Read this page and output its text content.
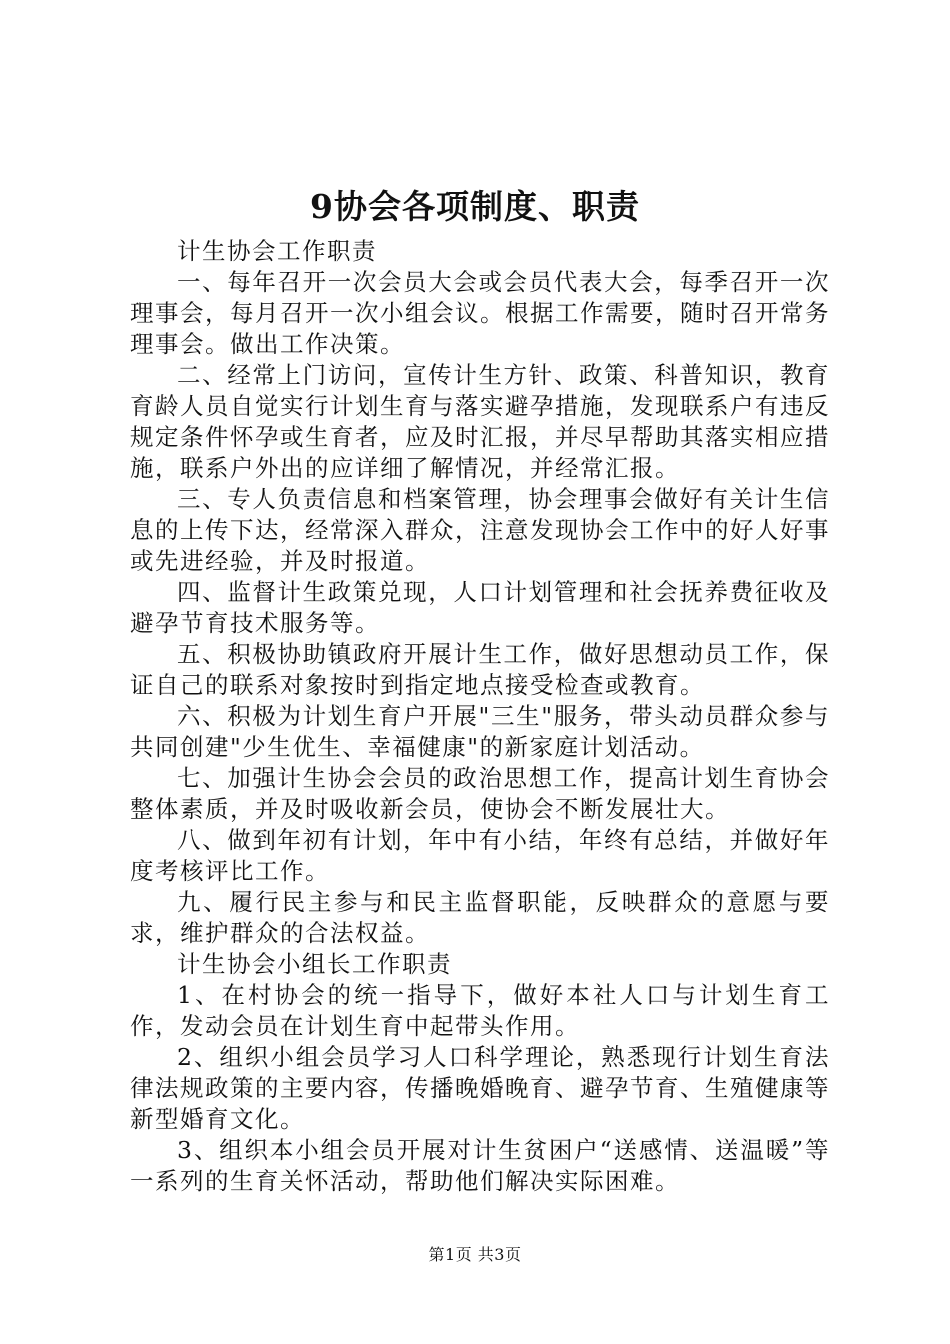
9协会各项制度、职责

计生协会工作职责

一、每年召开一次会员大会或会员代表大会，每季召开一次理事会，每月召开一次小组会议。根据工作需要，随时召开常务理事会。做出工作决策。

二、经常上门访问，宣传计生方针、政策、科普知识，教育育龄人员自觉实行计划生育与落实避孕措施，发现联系户有违反规定条件怀孕或生育者，应及时汇报，并尽早帮助其落实相应措施，联系户外出的应详细了解情况，并经常汇报。

三、专人负责信息和档案管理，协会理事会做好有关计生信息的上传下达，经常深入群众，注意发现协会工作中的好人好事或先进经验，并及时报道。

四、监督计生政策兑现，人口计划管理和社会抚养费征收及避孕节育技术服务等。

五、积极协助镇政府开展计生工作，做好思想动员工作，保证自己的联系对象按时到指定地点接受检查或教育。

六、积极为计划生育户开展"三生"服务，带头动员群众参与共同创建"少生优生、幸福健康"的新家庭计划活动。

七、加强计生协会会员的政治思想工作，提高计划生育协会整体素质，并及时吸收新会员，使协会不断发展壮大。

八、做到年初有计划，年中有小结，年终有总结，并做好年度考核评比工作。

九、履行民主参与和民主监督职能，反映群众的意愿与要求，维护群众的合法权益。

计生协会小组长工作职责

1、在村协会的统一指导下，做好本社人口与计划生育工作，发动会员在计划生育中起带头作用。

2、组织小组会员学习人口科学理论，熟悉现行计划生育法律法规政策的主要内容，传播晚婚晚育、避孕节育、生殖健康等新型婚育文化。

3、组织本小组会员开展对计生贫困户“送感情、送温暖”等一系列的生育关怀活动，帮助他们解决实际困难。

第1页 共3页
